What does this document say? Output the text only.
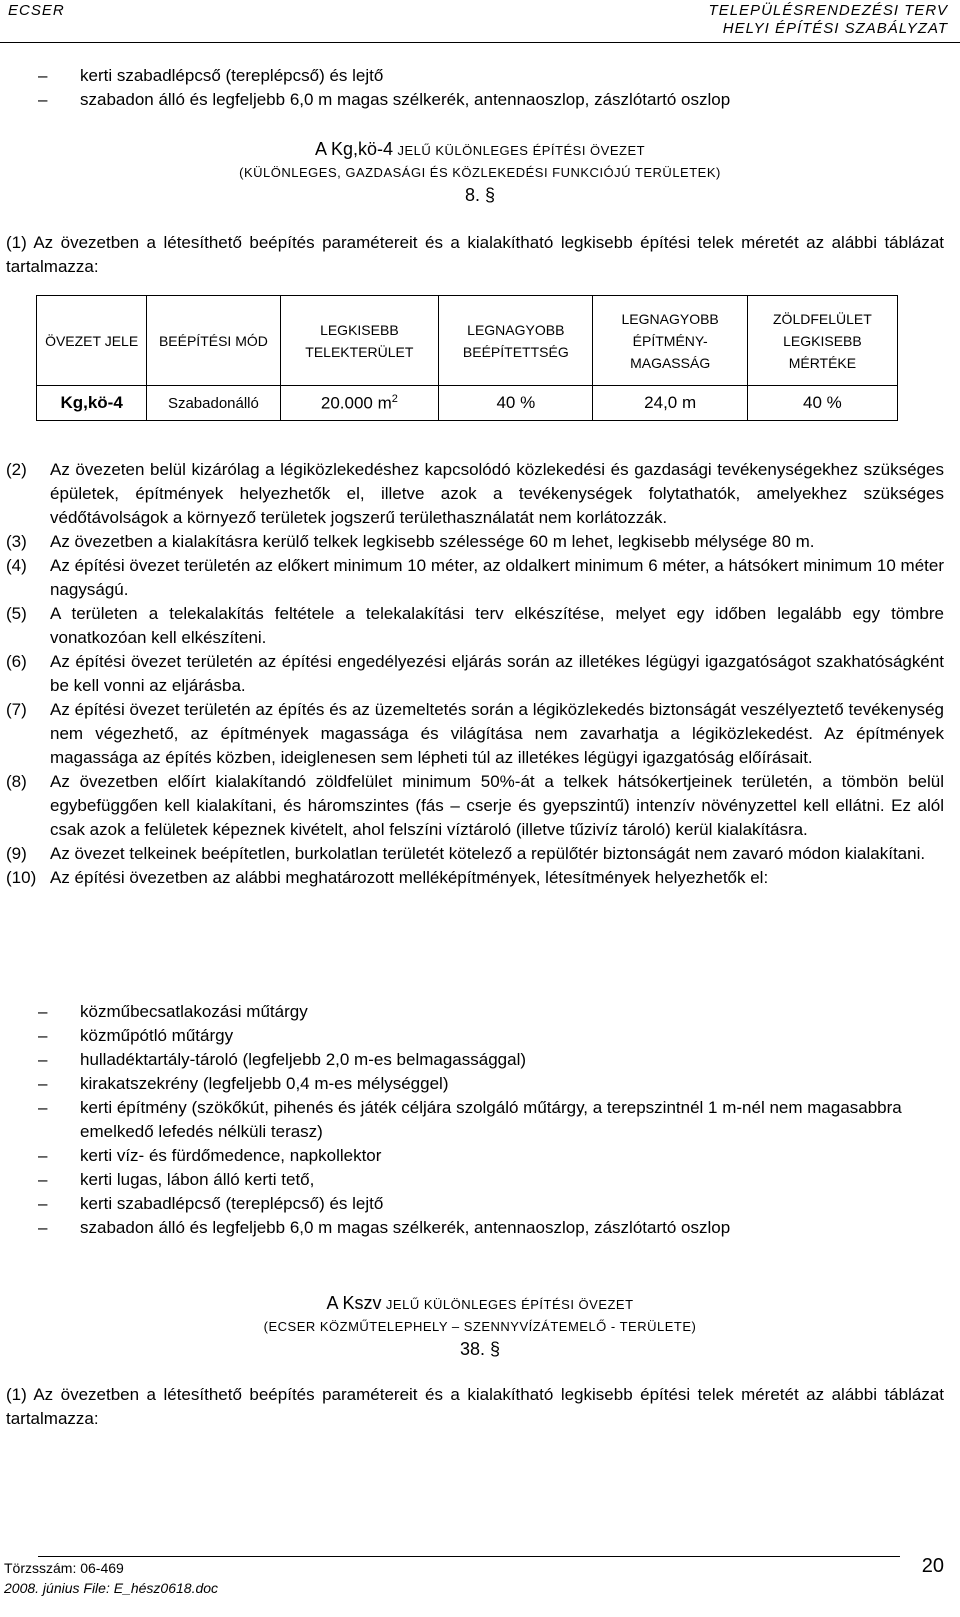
ECSER	TELEPÜLÉSRENDEZÉSI TERV
HELYI ÉPÍTÉSI SZABÁLYZAT
– kerti szabadlépcső (tereplépcső) és lejtő
– szabadon álló és legfeljebb 6,0 m magas szélkerék, antennaoszlop, zászlótartó oszlop
A Kg,kö-4 JELŰ KÜLÖNLEGES ÉPÍTÉSI ÖVEZET
(KÜLÖNLEGES, GAZDASÁGI ÉS KÖZLEKEDÉSI FUNKCIÓJÚ TERÜLETEK)
8. §
(1) Az övezetben a létesíthető beépítés paramétereit és a kialakítható legkisebb építési telek méretét az alábbi táblázat tartalmazza:
ÖVEZET JELE	BEÉPÍTÉSI MÓD	LEGKISEBB TELEKTERÜLET	LEGNAGYOBB BEÉPÍTETTSÉG	LEGNAGYOBB ÉPÍTMÉNY-MAGASSÁG	ZÖLDFELÜLET LEGKISEBB MÉRTÉKE
Kg,kö-4	Szabadonálló	20.000 $m^2$	40 %	24,0 m	40 %
(2) Az övezeten belül kizárólag a légiközlekedéshez kapcsolódó közlekedési és gazdasági tevékenységekhez szükséges épületek, építmények helyezhetők el, illetve azok a tevékenységek folytathatók, amelyekhez szükséges védőtávolságok a környező területek jogszerű területhasználatát nem korlátozzák.
(3) Az övezetben a kialakításra kerülő telkek legkisebb szélessége 60 m lehet, legkisebb mélysége 80 m.
(4) Az építési övezet területén az előkert minimum 10 méter, az oldalkert minimum 6 méter, a hátsókert minimum 10 méter nagyságú.
(5) A területen a telekalakítás feltétele a telekalakítási terv elkészítése, melyet egy időben legalább egy tömbre vonatkozóan kell elkészíteni.
(6) Az építési övezet területén az építési engedélyezési eljárás során az illetékes légügyi igazgatóságot szakhatóságként be kell vonni az eljárásba.
(7) Az építési övezet területén az építés és az üzemeltetés során a légiközlekedés biztonságát veszélyeztető tevékenység nem végezhető, az építmények magassága és világítása nem zavarhatja a légiközlekedést. Az építmények magassága az építés közben, ideiglenesen sem lépheti túl az illetékes légügyi igazgatóság előírásait.
(8) Az övezetben előírt kialakítandó zöldfelület minimum 50%-át a telkek hátsókertjeinek területén, a tömbön belül egybefüggően kell kialakítani, és háromszintes (fás – cserje és gyepszintű) intenzív növényzettel kell ellátni. Ez alól csak azok a felületek képeznek kivételt, ahol felszíni víztároló (illetve tűzivíz tároló) kerül kialakításra.
(9) Az övezet telkeinek beépítetlen, burkolatlan területét kötelező a repülőtér biztonságát nem zavaró módon kialakítani.
(10) Az építési övezetben az alábbi meghatározott melléképítmények, létesítmények helyezhetők el:
– közműbecsatlakozási műtárgy
– közműpótló műtárgy
– hulladéktartály-tároló (legfeljebb 2,0 m-es belmagassággal)
– kirakatszekrény (legfeljebb 0,4 m-es mélységgel)
– kerti építmény (szökőkút, pihenés és játék céljára szolgáló műtárgy, a terepszintnél 1 m-nél nem magasabbra emelkedő lefedés nélküli terasz)
– kerti víz- és fürdőmedence, napkollektor
– kerti lugas, lábon álló kerti tető,
– kerti szabadlépcső (tereplépcső) és lejtő
– szabadon álló és legfeljebb 6,0 m magas szélkerék, antennaoszlop, zászlótartó oszlop
A Kszv JELŰ KÜLÖNLEGES ÉPÍTÉSI ÖVEZET
(ECSER KÖZMŰTELEPHELY – SZENNYVÍZÁTEMELŐ - TERÜLETE)
38. §
(1) Az övezetben a létesíthető beépítés paramétereit és a kialakítható legkisebb építési telek méretét az alábbi táblázat tartalmazza:
Törzsszám: 06-469
2008. június File: E_hész0618.doc
20
